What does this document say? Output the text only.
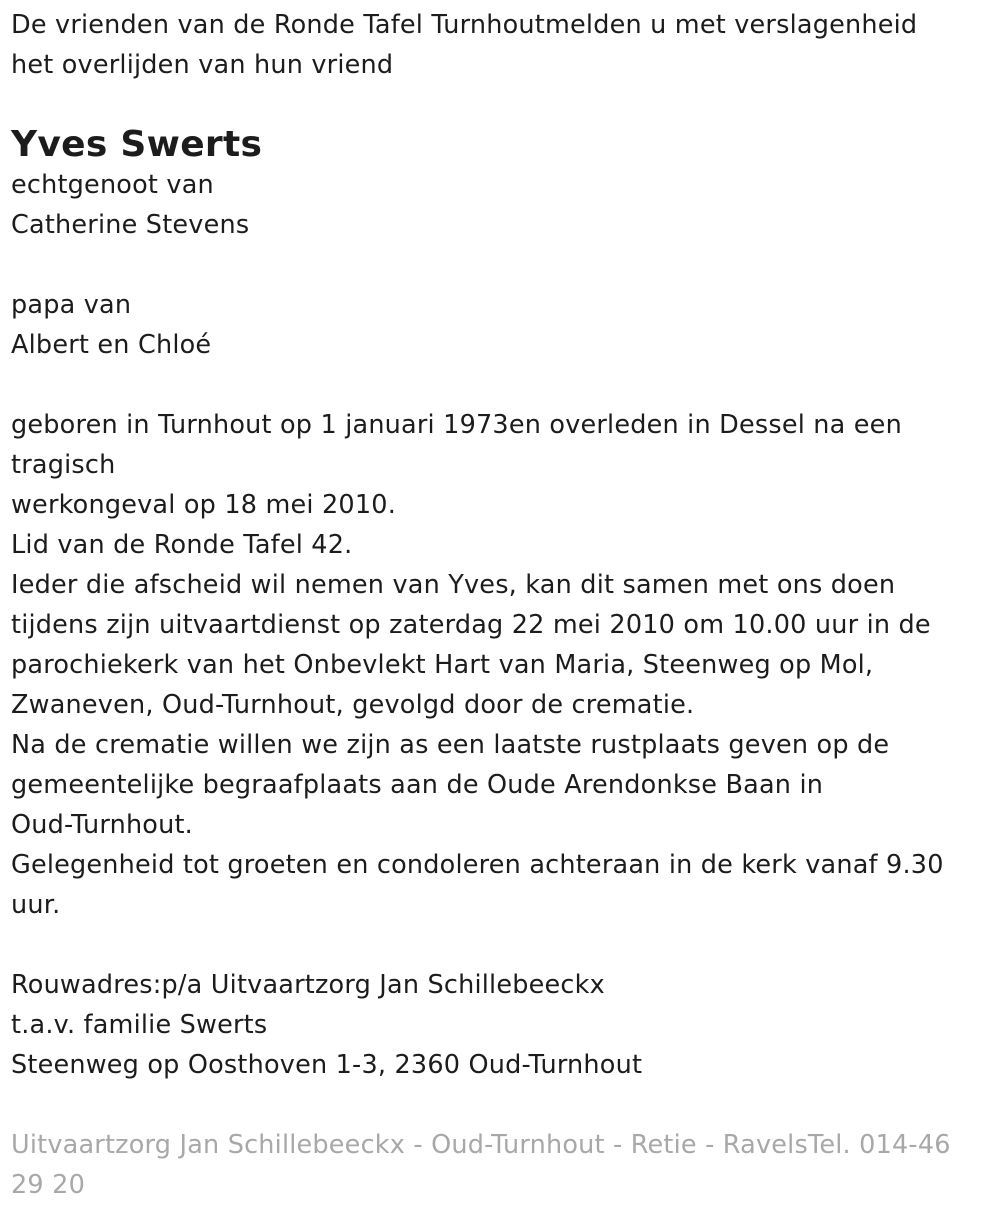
De vrienden van de Ronde Tafel Turnhoutmelden u met verslagenheid
het overlijden van hun vriend
Yves Swerts
echtgenoot van
Catherine Stevens
papa van
Albert en Chloé
geboren in Turnhout op 1 januari 1973en overleden in Dessel na een
tragisch
werkongeval op 18 mei 2010.
Lid van de Ronde Tafel 42.
Ieder die afscheid wil nemen van Yves, kan dit samen met ons doen
tijdens zijn uitvaartdienst op zaterdag 22 mei 2010 om 10.00 uur in de
parochiekerk van het Onbevlekt Hart van Maria, Steenweg op Mol,
Zwaneven, Oud-Turnhout, gevolgd door de crematie.
Na de crematie willen we zijn as een laatste rustplaats geven op de
gemeentelijke begraafplaats aan de Oude Arendonkse Baan in
Oud-Turnhout.
Gelegenheid tot groeten en condoleren achteraan in de kerk vanaf 9.30
uur.
Rouwadres:p/a Uitvaartzorg Jan Schillebeeckx
t.a.v. familie Swerts
Steenweg op Oosthoven 1-3, 2360 Oud-Turnhout
Uitvaartzorg Jan Schillebeeckx - Oud-Turnhout - Retie - RavelsTel. 014-46
29 20
